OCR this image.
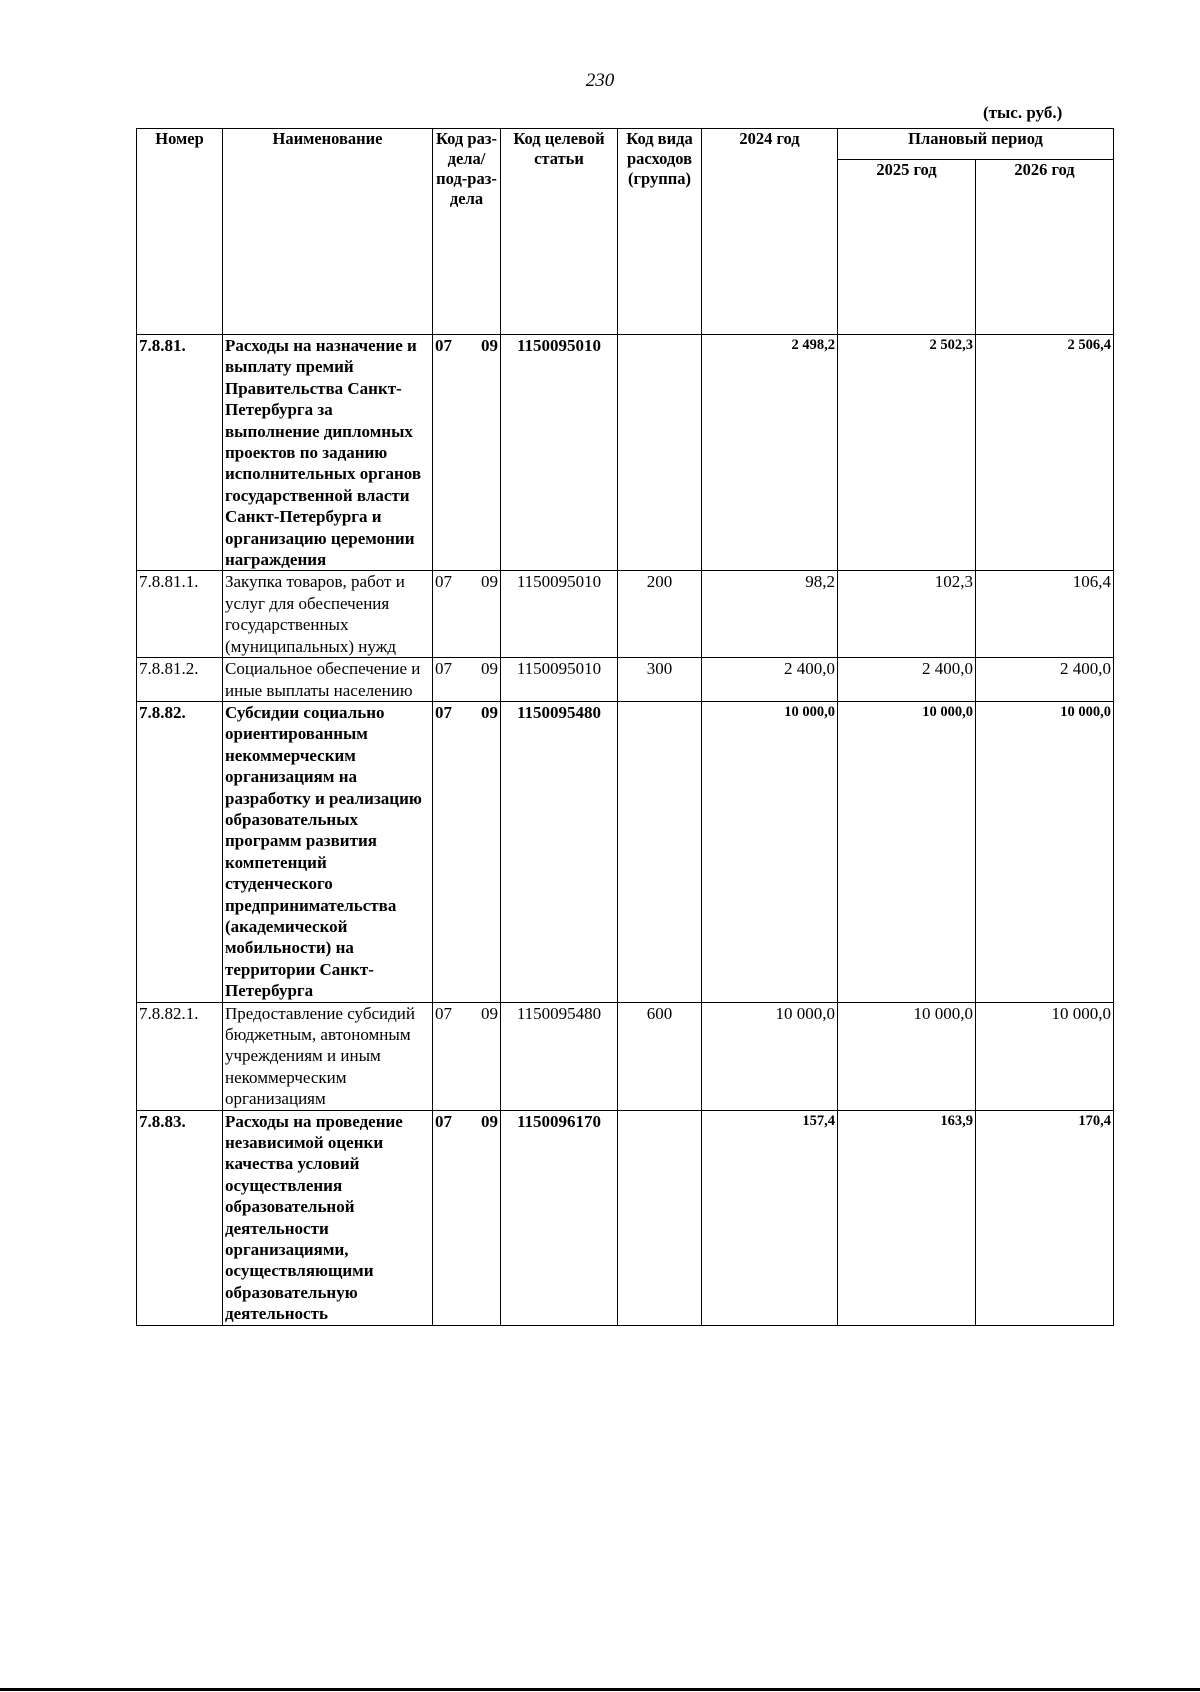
230
(тыс. руб.)
Номер	Наименование	Код раз-дела/ под-раз-дела	Код целевой статьи	Код вида расходов (группа)	2024 год	Плановый период	
						2025 год	2026 год
7.8.81.	Расходы на назначение и выплату премий Правительства Санкт-Петербурга за выполнение дипломных проектов по заданию исполнительных органов государственной власти Санкт-Петербурга и организацию церемонии награждения	07 09	1150095010		2 498,2	2 502,3	2 506,4
7.8.81.1.	Закупка товаров, работ и услуг для обеспечения государственных (муниципальных) нужд	07 09	1150095010	200	98,2	102,3	106,4
7.8.81.2.	Социальное обеспечение и иные выплаты населению	07 09	1150095010	300	2 400,0	2 400,0	2 400,0
7.8.82.	Субсидии социально ориентированным некоммерческим организациям на разработку и реализацию образовательных программ развития компетенций студенческого предпринимательства (академической мобильности) на территории Санкт-Петербурга	07 09	1150095480		10 000,0	10 000,0	10 000,0
7.8.82.1.	Предоставление субсидий бюджетным, автономным учреждениям и иным некоммерческим организациям	07 09	1150095480	600	10 000,0	10 000,0	10 000,0
7.8.83.	Расходы на проведение независимой оценки качества условий осуществления образовательной деятельности организациями, осуществляющими образовательную деятельность	07 09	1150096170		157,4	163,9	170,4
